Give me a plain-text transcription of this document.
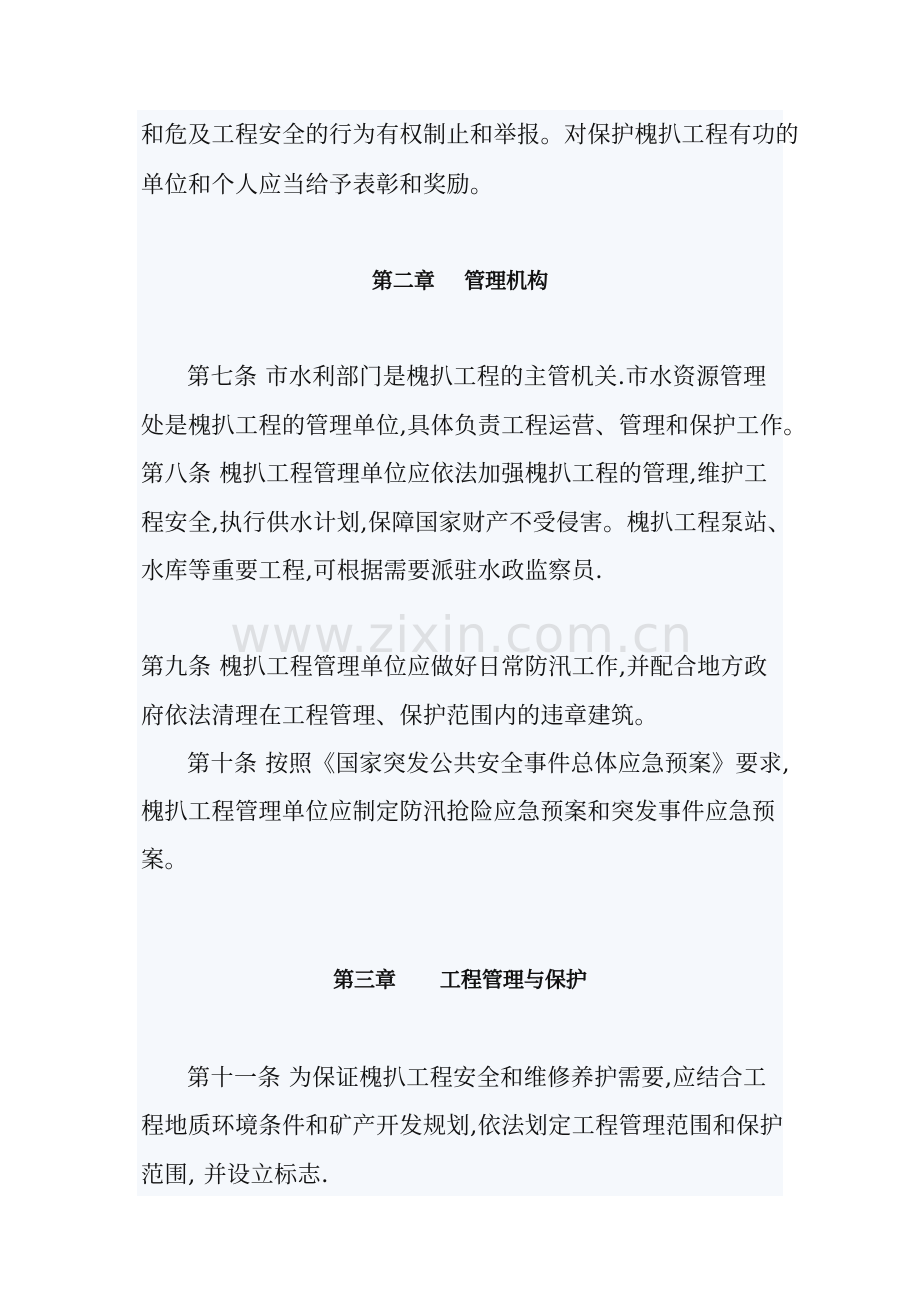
和危及工程安全的行为有权制止和举报。对保护槐扒工程有功的
单位和个人应当给予表彰和奖励。
第二章    管理机构
第七条 市水利部门是槐扒工程的主管机关.市水资源管理
处是槐扒工程的管理单位,具体负责工程运营、管理和保护工作。
第八条 槐扒工程管理单位应依法加强槐扒工程的管理,维护工
程安全,执行供水计划,保障国家财产不受侵害。槐扒工程泵站、
水库等重要工程,可根据需要派驻水政监察员.
第九条 槐扒工程管理单位应做好日常防汛工作,并配合地方政
府依法清理在工程管理、保护范围内的违章建筑。
第十条 按照《国家突发公共安全事件总体应急预案》要求,
槐扒工程管理单位应制定防汛抢险应急预案和突发事件应急预
案。
第三章      工程管理与保护
第十一条 为保证槐扒工程安全和维修养护需要,应结合工
程地质环境条件和矿产开发规划,依法划定工程管理范围和保护
范围, 并设立标志.
www.zixin.com.cn
